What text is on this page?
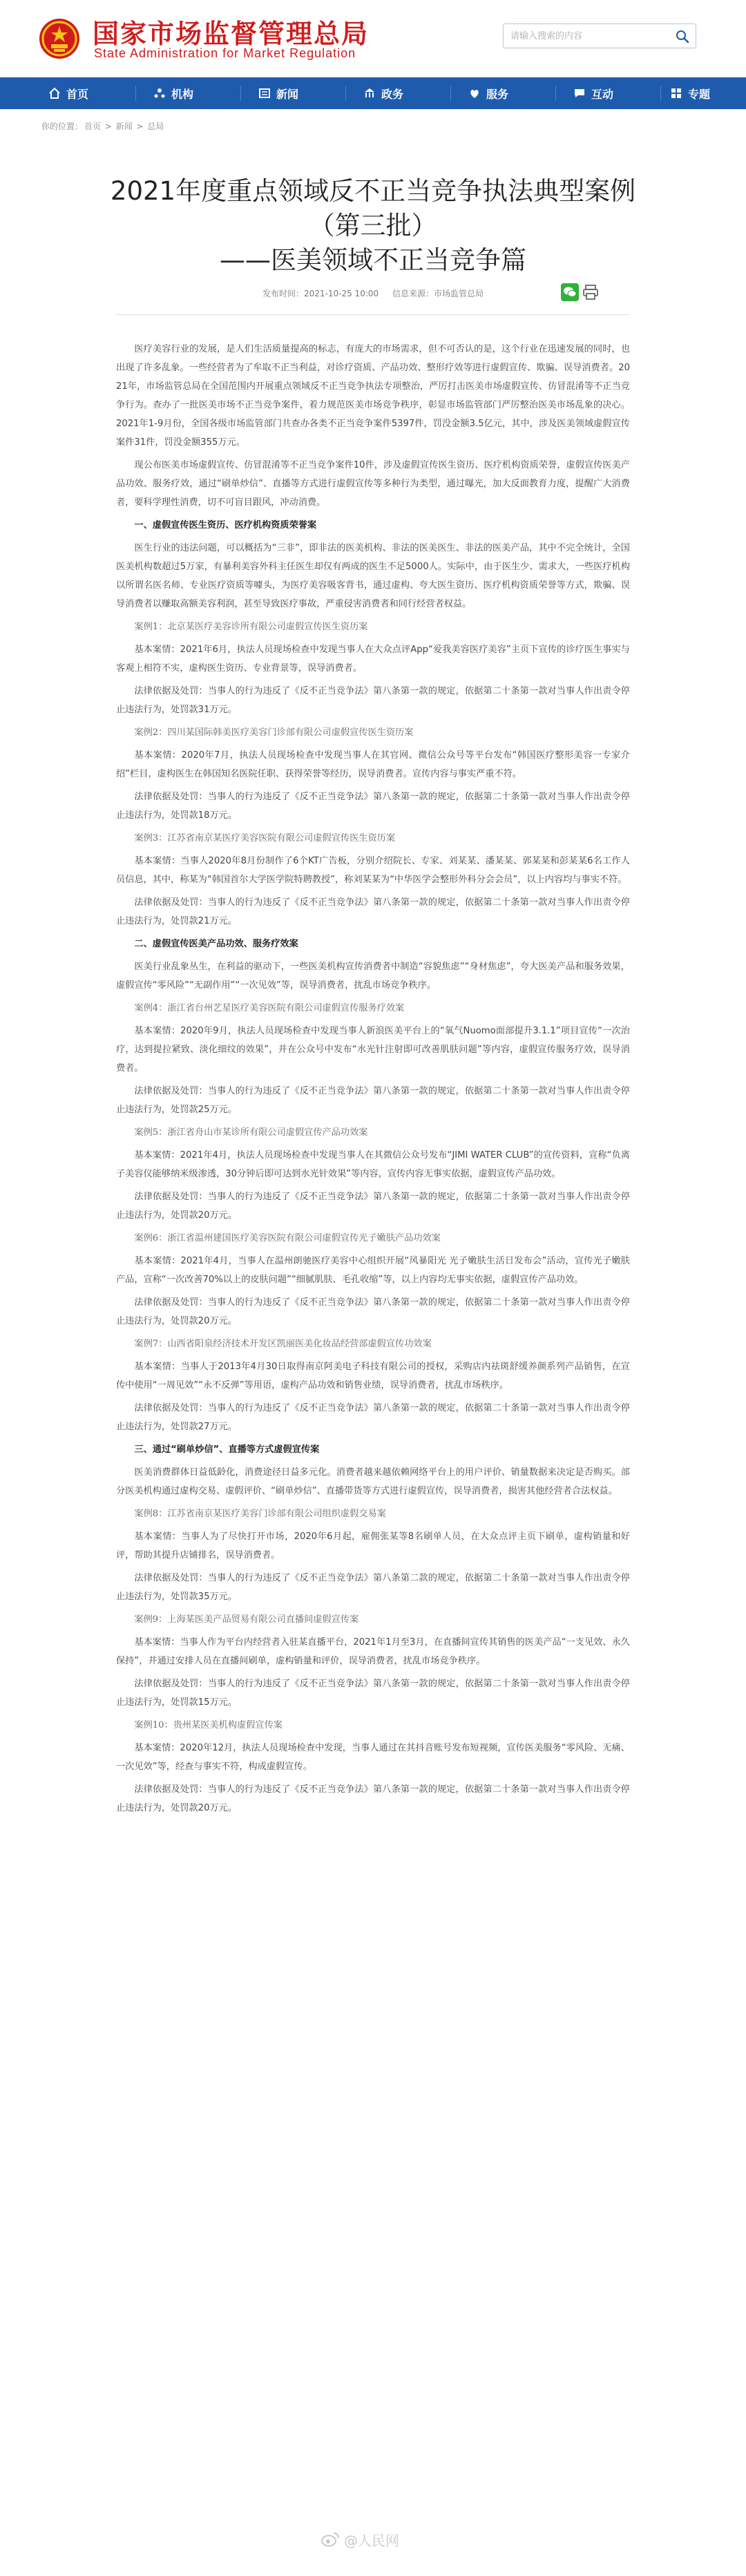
国家市场监督管理总局
State Administration for Market Regulation
请输入搜索的内容
首页	机构	新闻	政务	服务	互动	专题
你的位置： 首页 > 新闻 > 总局
2021年度重点领域反不正当竞争执法典型案例
（第三批）
——医美领域不正当竞争篇
发布时间：2021-10-25 10:00 信息来源：市场监管总局

医疗美容行业的发展，是人们生活质量提高的标志，有庞大的市场需求，但不可否认的是，这个行业在迅速发展的同时，也出现了许多乱象。一些经营者为了牟取不正当利益，对诊疗资质、产品功效、整形疗效等进行虚假宣传、欺骗、误导消费者。2021年，市场监管总局在全国范围内开展重点领域反不正当竞争执法专项整治，严厉打击医美市场虚假宣传、仿冒混淆等不正当竞争行为。查办了一批医美市场不正当竞争案件，着力规范医美市场竞争秩序，彰显市场监管部门严厉整治医美市场乱象的决心。2021年1-9月份，全国各级市场监管部门共查办各类不正当竞争案件5397件，罚没金额3.5亿元，其中，涉及医美领域虚假宣传案件31件，罚没金额355万元。

现公布医美市场虚假宣传、仿冒混淆等不正当竞争案件10件，涉及虚假宣传医生资历、医疗机构资质荣誉，虚假宣传医美产品功效、服务疗效，通过“刷单炒信”、直播等方式进行虚假宣传等多种行为类型，通过曝光，加大反面教育力度，提醒广大消费者，要科学理性消费，切不可盲目跟风，冲动消费。

一、虚假宣传医生资历、医疗机构资质荣誉案

医生行业的违法问题，可以概括为“三非”，即非法的医美机构、非法的医美医生、非法的医美产品，其中不完全统计，全国医美机构数超过5万家，有暴利美容外科主任医生却仅有两成的医生不足5000人。实际中，由于医生少、需求大，一些医疗机构以所谓名医名师、专业医疗资质等噱头，为医疗美容吸客背书，通过虚构、夸大医生资历、医疗机构资质荣誉等方式，欺骗、误导消费者以赚取高额美容利润，甚至导致医疗事故，严重侵害消费者和同行经营者权益。

案例1：北京某医疗美容诊所有限公司虚假宣传医生资历案

基本案情：2021年6月，执法人员现场检查中发现当事人在大众点评App“爱我美容医疗美容”主页下宣传的诊疗医生事实与客观上相符不实，虚构医生资历、专业背景等，误导消费者。

法律依据及处罚：当事人的行为违反了《反不正当竞争法》第八条第一款的规定，依据第二十条第一款对当事人作出责令停止违法行为，处罚款31万元。

案例2：四川某国际韩美医疗美容门诊部有限公司虚假宣传医生资历案

基本案情：2020年7月，执法人员现场检查中发现当事人在其官网、微信公众号等平台发布“韩国医疗整形美容一专家介绍”栏目，虚构医生在韩国知名医院任职、获得荣誉等经历，误导消费者。宣传内容与事实严重不符。

法律依据及处罚：当事人的行为违反了《反不正当竞争法》第八条第一款的规定，依据第二十条第一款对当事人作出责令停止违法行为，处罚款18万元。

案例3：江苏省南京某医疗美容医院有限公司虚假宣传医生资历案

基本案情：当事人2020年8月份制作了6个KT广告板，分别介绍院长、专家、刘某某、潘某某、郭某某和彭某某6名工作人员信息，其中，称某为“韩国首尔大学医学院特聘教授”，称刘某某为“中华医学会整形外科分会会员”，以上内容均与事实不符。

法律依据及处罚：当事人的行为违反了《反不正当竞争法》第八条第一款的规定，依据第二十条第一款对当事人作出责令停止违法行为，处罚款21万元。

二、虚假宣传医美产品功效、服务疗效案

医美行业乱象丛生，在利益的驱动下，一些医美机构宣传消费者中制造“容貌焦虑”“身材焦虑”，夸大医美产品和服务效果，虚假宣传“零风险”“无副作用”“一次见效”等，误导消费者，扰乱市场竞争秩序。

案例4：浙江省台州艺星医疗美容医院有限公司虚假宣传服务疗效案

基本案情：2020年9月，执法人员现场检查中发现当事人新浪医美平台上的“氧气Nuomo面部提升3.1.1”项目宣传“一次治疗，达到提拉紧致、淡化细纹的效果”，并在公众号中发布“水光针注射即可改善肌肤问题”等内容，虚假宣传服务疗效，误导消费者。

法律依据及处罚：当事人的行为违反了《反不正当竞争法》第八条第一款的规定，依据第二十条第一款对当事人作出责令停止违法行为，处罚款25万元。

案例5：浙江省舟山市某诊所有限公司虚假宣传产品功效案

基本案情：2021年4月，执法人员现场检查中发现当事人在其微信公众号发布“JIMI WATER CLUB”的宣传资料，宣称“负离子美容仪能够纳米级渗透，30分钟后即可达到水光针效果”等内容，宣传内容无事实依据，虚假宣传产品功效。

法律依据及处罚：当事人的行为违反了《反不正当竞争法》第八条第一款的规定，依据第二十条第一款对当事人作出责令停止违法行为，处罚款20万元。

案例6：浙江省温州建国医疗美容医院有限公司虚假宣传光子嫩肤产品功效案

基本案情：2021年4月，当事人在温州朗驰医疗美容中心组织开展“风暴阳光 光子嫩肤生活日发布会”活动，宣传光子嫩肤产品，宣称“一次改善70%以上的皮肤问题”“细腻肌肤、毛孔收缩”等，以上内容均无事实依据，虚假宣传产品功效。

法律依据及处罚：当事人的行为违反了《反不正当竞争法》第八条第一款的规定，依据第二十条第一款对当事人作出责令停止违法行为，处罚款20万元。

案例7：山西省阳泉经济技术开发区凯丽医美化妆品经营部虚假宣传功效案

基本案情：当事人于2013年4月30日取得南京阿美电子科技有限公司的授权，采购店内祛斑舒缓养颜系列产品销售，在宣传中使用“一周见效”“永不反弹”等用语，虚构产品功效和销售业绩，误导消费者，扰乱市场秩序。

法律依据及处罚：当事人的行为违反了《反不正当竞争法》第八条第一款的规定，依据第二十条第一款对当事人作出责令停止违法行为，处罚款27万元。

三、通过“刷单炒信”、直播等方式虚假宣传案

医美消费群体日益低龄化，消费途径日益多元化。消费者越来越依赖网络平台上的用户评价、销量数据来决定是否购买。部分医美机构通过虚构交易、虚假评价、“刷单炒信”、直播带货等方式进行虚假宣传，误导消费者，损害其他经营者合法权益。

案例8：江苏省南京某医疗美容门诊部有限公司组织虚假交易案

基本案情：当事人为了尽快打开市场，2020年6月起，雇佣张某等8名刷单人员，在大众点评主页下刷单，虚构销量和好评，帮助其提升店铺排名，误导消费者。

法律依据及处罚：当事人的行为违反了《反不正当竞争法》第八条第二款的规定，依据第二十条第一款对当事人作出责令停止违法行为，处罚款35万元。

案例9：上海某医美产品贸易有限公司直播间虚假宣传案

基本案情：当事人作为平台内经营者入驻某直播平台，2021年1月至3月，在直播间宣传其销售的医美产品“一支见效、永久保持”，并通过安排人员在直播间刷单，虚构销量和评价，误导消费者，扰乱市场竞争秩序。

法律依据及处罚：当事人的行为违反了《反不正当竞争法》第八条第一款的规定，依据第二十条第一款对当事人作出责令停止违法行为，处罚款15万元。

案例10：贵州某医美机构虚假宣传案

基本案情：2020年12月，执法人员现场检查中发现，当事人通过在其抖音账号发布短视频，宣传医美服务“零风险、无痛、一次见效”等，经查与事实不符，构成虚假宣传。

法律依据及处罚：当事人的行为违反了《反不正当竞争法》第八条第一款的规定，依据第二十条第一款对当事人作出责令停止违法行为，处罚款20万元。

@人民网
